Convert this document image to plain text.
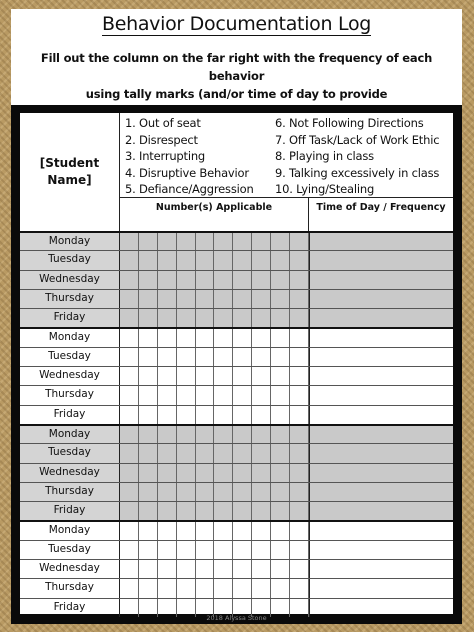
Behavior Documentation Log
Fill out the column on the far right with the frequency of each behavior
using tally marks (and/or time of day to provide
[Student
Name]
1. Out of seat
2. Disrespect
3. Interrupting
4. Disruptive Behavior
5. Defiance/Aggression
6. Not Following Directions
7. Off Task/Lack of Work Ethic
8. Playing in class
9. Talking excessively in class
10. Lying/Stealing
Number(s) Applicable	Time of Day / Frequency
Monday
Tuesday
Wednesday
Thursday
Friday
Monday
Tuesday
Wednesday
Thursday
Friday
Monday
Tuesday
Wednesday
Thursday
Friday
Monday
Tuesday
Wednesday
Thursday
Friday
2018 Alyssa Stone
